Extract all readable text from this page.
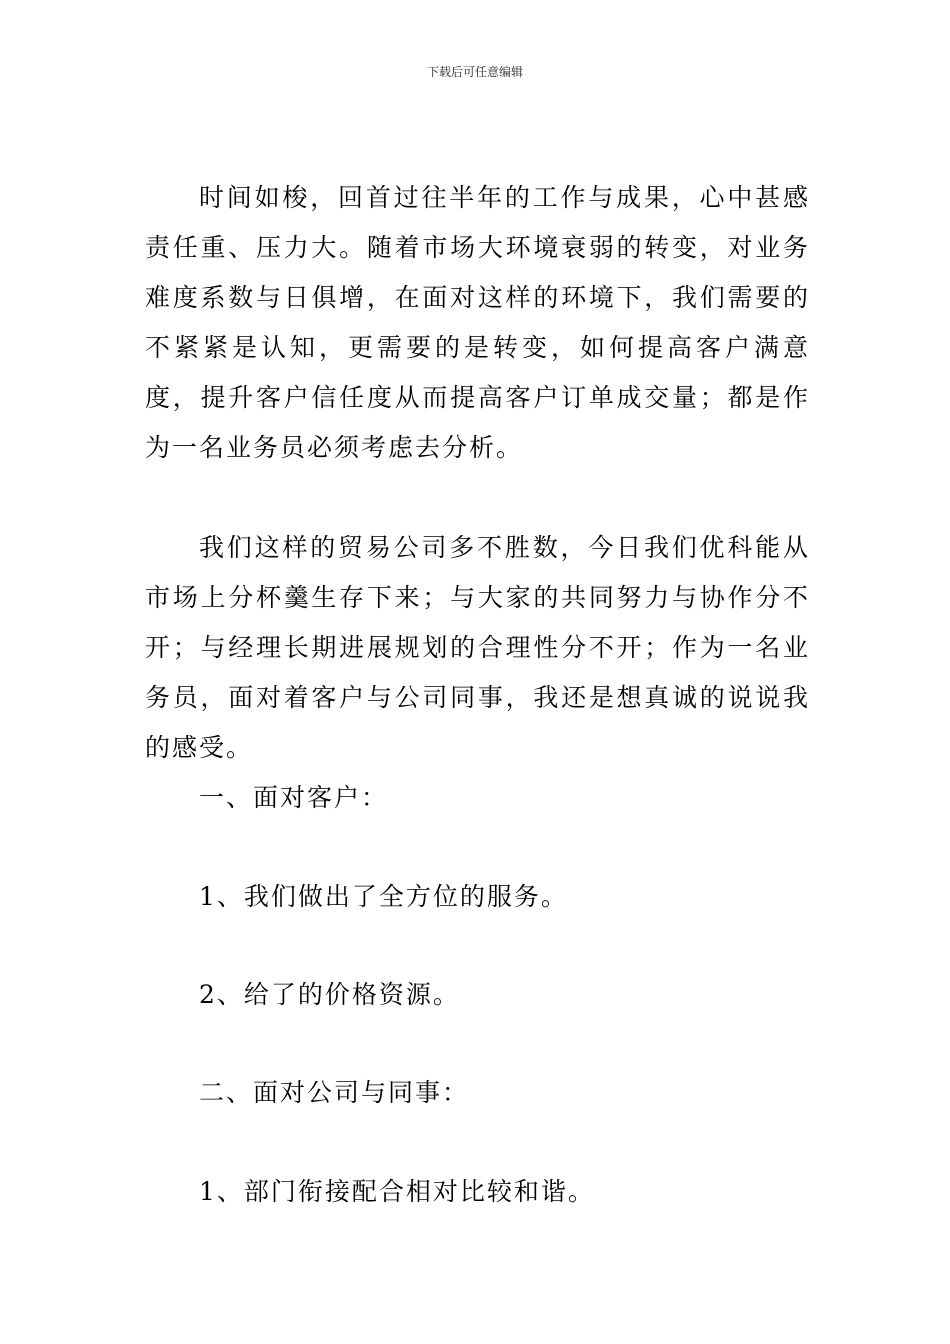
下载后可任意编辑

时间如梭，回首过往半年的工作与成果，心中甚感责任重、压力大。随着市场大环境衰弱的转变，对业务难度系数与日俱增，在面对这样的环境下，我们需要的不紧紧是认知，更需要的是转变，如何提高客户满意度，提升客户信任度从而提高客户订单成交量；都是作为一名业务员必须考虑去分析。

我们这样的贸易公司多不胜数，今日我们优科能从市场上分杯羹生存下来；与大家的共同努力与协作分不开；与经理长期进展规划的合理性分不开；作为一名业务员，面对着客户与公司同事，我还是想真诚的说说我的感受。

一、面对客户：

1、我们做出了全方位的服务。

2、给了的价格资源。

二、面对公司与同事：

1、部门衔接配合相对比较和谐。
